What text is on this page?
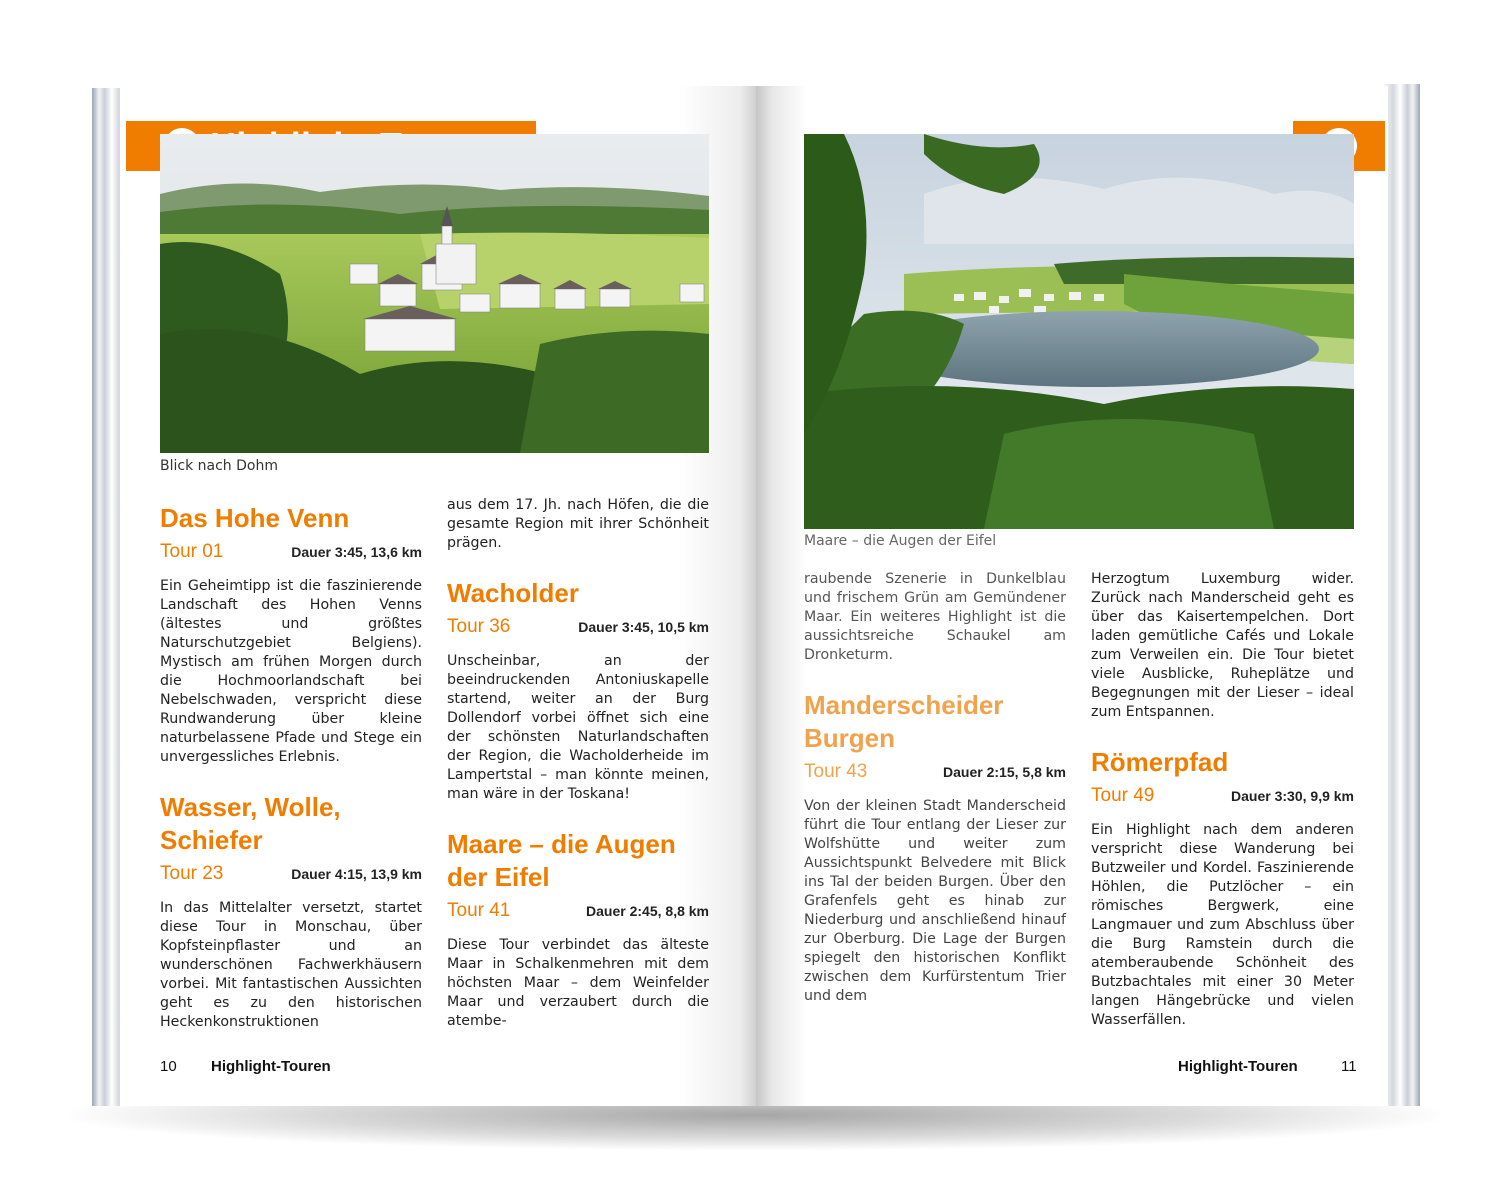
Blick nach Dohm
Das Hohe Venn
Tour 01	Dauer 3:45, 13,6 km

Ein Geheimtipp ist die faszinierende Landschaft des Hohen Venns (ältestes und größtes Naturschutzgebiet Belgiens). Mystisch am frühen Morgen durch die Hochmoorlandschaft bei Nebelschwaden, verspricht diese Rundwanderung über kleine naturbelassene Pfade und Stege ein unvergessliches Erlebnis.

Wasser, Wolle, Schiefer
Tour 23	Dauer 4:15, 13,9 km

In das Mittelalter versetzt, startet diese Tour in Monschau, über Kopfsteinpflaster und an wunderschönen Fachwerkhäusern vorbei. Mit fantastischen Aussichten geht es zu den historischen Heckenkonstruktionen

aus dem 17. Jh. nach Höfen, die die gesamte Region mit ihrer Schönheit prägen.

Wacholder
Tour 36	Dauer 3:45, 10,5 km

Unscheinbar, an der beeindruckenden Antoniuskapelle startend, weiter an der Burg Dollendorf vorbei öffnet sich eine der schönsten Naturlandschaften der Region, die Wacholderheide im Lampertstal – man könnte meinen, man wäre in der Toskana!

Maare – die Augen der Eifel
Tour 41	Dauer 2:45, 8,8 km

Diese Tour verbindet das älteste Maar in Schalkenmehren mit dem höchsten Maar – dem Weinfelder Maar und verzaubert durch die atembe-

10 Highlight-Touren
Maare – die Augen der Eifel

raubende Szenerie in Dunkelblau und frischem Grün am Gemündener Maar. Ein weiteres Highlight ist die aussichtsreiche Schaukel am Dronketurm.

Manderscheider Burgen
Tour 43	Dauer 2:15, 5,8 km

Von der kleinen Stadt Manderscheid führt die Tour entlang der Lieser zur Wolfshütte und weiter zum Aussichtspunkt Belvedere mit Blick ins Tal der beiden Burgen. Über den Grafenfels geht es hinab zur Niederburg und anschließend hinauf zur Oberburg. Die Lage der Burgen spiegelt den historischen Konflikt zwischen dem Kurfürstentum Trier und dem

Herzogtum Luxemburg wider. Zurück nach Manderscheid geht es über das Kaisertempelchen. Dort laden gemütliche Cafés und Lokale zum Verweilen ein. Die Tour bietet viele Ausblicke, Ruheplätze und Begegnungen mit der Lieser – ideal zum Entspannen.

Römerpfad
Tour 49	Dauer 3:30, 9,9 km

Ein Highlight nach dem anderen verspricht diese Wanderung bei Butzweiler und Kordel. Faszinierende Höhlen, die Putzlöcher – ein römisches Bergwerk, eine Langmauer und zum Abschluss über die Burg Ramstein durch die atemberaubende Schönheit des Butzbachtales mit einer 30 Meter langen Hängebrücke und vielen Wasserfällen.

Highlight-Touren	11
